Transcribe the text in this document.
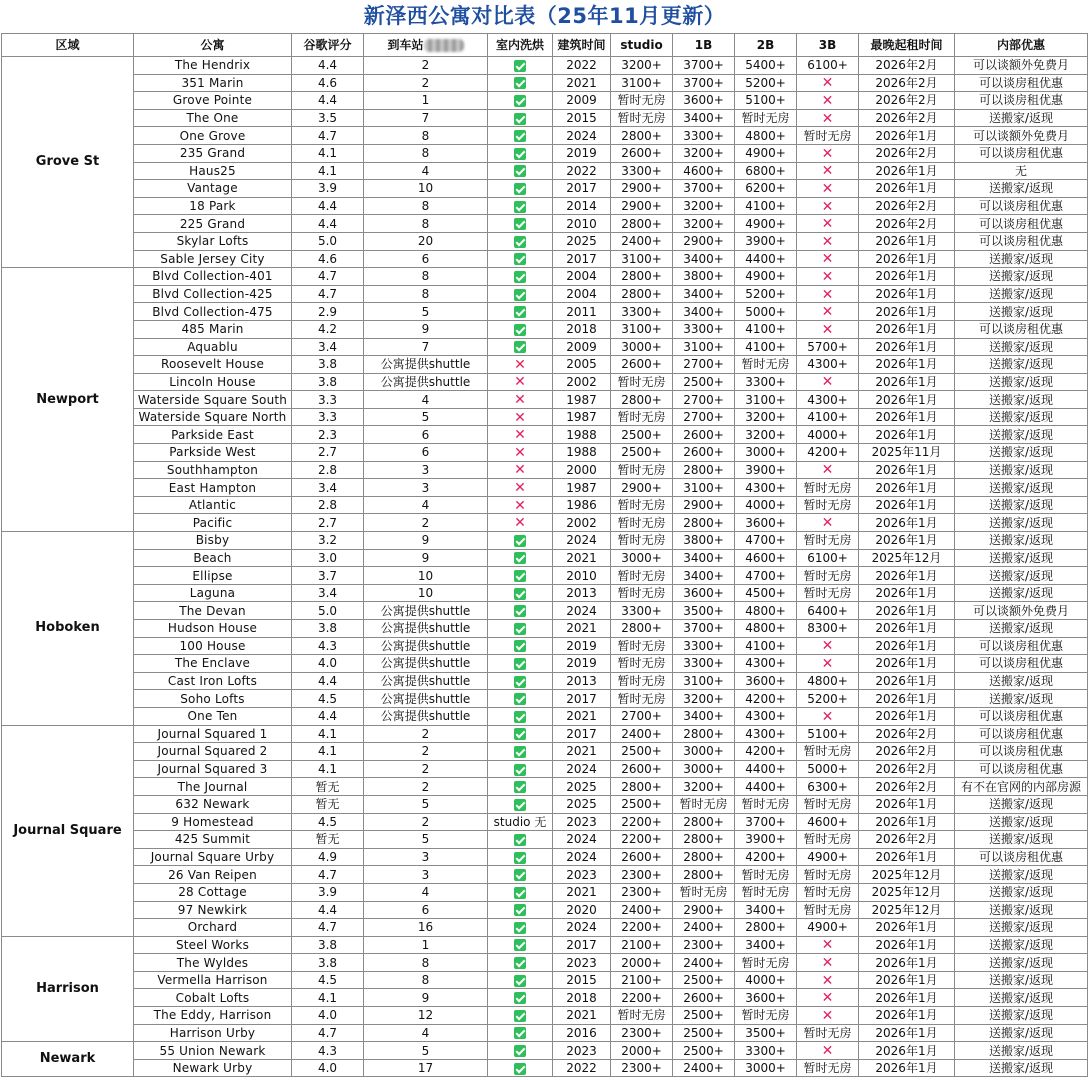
新泽西公寓对比表（25年11月更新）
区域	公寓	谷歌评分	到车站	室内洗烘	建筑时间	studio	1B	2B	3B	最晚起租时间	内部优惠
Grove St	The Hendrix	4.4	2		2022	3200+	3700+	5400+	6100+	2026年2月	可以谈额外免费月
	351 Marin	4.6	2		2021	3100+	3700+	5200+	✕	2026年2月	可以谈房租优惠
	Grove Pointe	4.4	1		2009	暂时无房	3600+	5100+	✕	2026年2月	可以谈房租优惠
	The One	3.5	7		2015	暂时无房	3400+	暂时无房	✕	2026年2月	送搬家/返现
	One Grove	4.7	8		2024	2800+	3300+	4800+	暂时无房	2026年1月	可以谈额外免费月
	235 Grand	4.1	8		2019	2600+	3200+	4900+	✕	2026年2月	可以谈房租优惠
	Haus25	4.1	4		2022	3300+	4600+	6800+	✕	2026年1月	无
	Vantage	3.9	10		2017	2900+	3700+	6200+	✕	2026年1月	送搬家/返现
	18 Park	4.4	8		2014	2900+	3200+	4100+	✕	2026年2月	可以谈房租优惠
	225 Grand	4.4	8		2010	2800+	3200+	4900+	✕	2026年2月	可以谈房租优惠
	Skylar Lofts	5.0	20		2025	2400+	2900+	3900+	✕	2026年1月	可以谈房租优惠
	Sable Jersey City	4.6	6		2017	3100+	3400+	4400+	✕	2026年1月	送搬家/返现
Newport	Blvd Collection-401	4.7	8		2004	2800+	3800+	4900+	✕	2026年1月	送搬家/返现
	Blvd Collection-425	4.7	8		2004	2800+	3400+	5200+	✕	2026年1月	送搬家/返现
	Blvd Collection-475	2.9	5		2011	3300+	3400+	5000+	✕	2026年1月	送搬家/返现
	485 Marin	4.2	9		2018	3100+	3300+	4100+	✕	2026年1月	可以谈房租优惠
	Aquablu	3.4	7		2009	3000+	3100+	4100+	5700+	2026年1月	送搬家/返现
	Roosevelt House	3.8	公寓提供shuttle	✕	2005	2600+	2700+	暂时无房	4300+	2026年1月	送搬家/返现
	Lincoln House	3.8	公寓提供shuttle	✕	2002	暂时无房	2500+	3300+	✕	2026年1月	送搬家/返现
	Waterside Square South	3.3	4	✕	1987	2800+	2700+	3100+	4300+	2026年1月	送搬家/返现
	Waterside Square North	3.3	5	✕	1987	暂时无房	2700+	3200+	4100+	2026年1月	送搬家/返现
	Parkside East	2.3	6	✕	1988	2500+	2600+	3200+	4000+	2026年1月	送搬家/返现
	Parkside West	2.7	6	✕	1988	2500+	2600+	3000+	4200+	2025年11月	送搬家/返现
	Southhampton	2.8	3	✕	2000	暂时无房	2800+	3900+	✕	2026年1月	送搬家/返现
	East Hampton	3.4	3	✕	1987	2900+	3100+	4300+	暂时无房	2026年1月	送搬家/返现
	Atlantic	2.8	4	✕	1986	暂时无房	2900+	4000+	暂时无房	2026年1月	送搬家/返现
	Pacific	2.7	2	✕	2002	暂时无房	2800+	3600+	✕	2026年1月	送搬家/返现
Hoboken	Bisby	3.2	9		2024	暂时无房	3800+	4700+	暂时无房	2026年1月	送搬家/返现
	Beach	3.0	9		2021	3000+	3400+	4600+	6100+	2025年12月	送搬家/返现
	Ellipse	3.7	10		2010	暂时无房	3400+	4700+	暂时无房	2026年1月	送搬家/返现
	Laguna	3.4	10		2013	暂时无房	3600+	4500+	暂时无房	2026年1月	送搬家/返现
	The Devan	5.0	公寓提供shuttle		2024	3300+	3500+	4800+	6400+	2026年1月	可以谈额外免费月
	Hudson House	3.8	公寓提供shuttle		2021	2800+	3700+	4800+	8300+	2026年1月	送搬家/返现
	100 House	4.3	公寓提供shuttle		2019	暂时无房	3300+	4100+	✕	2026年1月	可以谈房租优惠
	The Enclave	4.0	公寓提供shuttle		2019	暂时无房	3300+	4300+	✕	2026年1月	可以谈房租优惠
	Cast Iron Lofts	4.4	公寓提供shuttle		2013	暂时无房	3100+	3600+	4800+	2026年1月	送搬家/返现
	Soho Lofts	4.5	公寓提供shuttle		2017	暂时无房	3200+	4200+	5200+	2026年1月	送搬家/返现
	One Ten	4.4	公寓提供shuttle		2021	2700+	3400+	4300+	✕	2026年1月	可以谈房租优惠
Journal Square	Journal Squared 1	4.1	2		2017	2400+	2800+	4300+	5100+	2026年2月	可以谈房租优惠
	Journal Squared 2	4.1	2		2021	2500+	3000+	4200+	暂时无房	2026年2月	可以谈房租优惠
	Journal Squared 3	4.1	2		2024	2600+	3000+	4400+	5000+	2026年2月	可以谈房租优惠
	The Journal	暂无	2		2025	2800+	3200+	4400+	6300+	2026年2月	有不在官网的内部房源
	632 Newark	暂无	5		2025	2500+	暂时无房	暂时无房	暂时无房	2026年1月	送搬家/返现
	9 Homestead	4.5	2	studio 无	2023	2200+	2800+	3700+	4600+	2026年1月	送搬家/返现
	425 Summit	暂无	5		2024	2200+	2800+	3900+	暂时无房	2026年2月	送搬家/返现
	Journal Square Urby	4.9	3		2024	2600+	2800+	4200+	4900+	2026年1月	可以谈房租优惠
	26 Van Reipen	4.7	3		2023	2300+	2800+	暂时无房	暂时无房	2025年12月	送搬家/返现
	28 Cottage	3.9	4		2021	2300+	暂时无房	暂时无房	暂时无房	2025年12月	送搬家/返现
	97 Newkirk	4.4	6		2020	2400+	2900+	3400+	暂时无房	2025年12月	送搬家/返现
	Orchard	4.7	16		2024	2200+	2400+	2800+	4900+	2026年1月	送搬家/返现
Harrison	Steel Works	3.8	1		2017	2100+	2300+	3400+	✕	2026年1月	送搬家/返现
	The Wyldes	3.8	8		2023	2000+	2400+	暂时无房	✕	2026年1月	送搬家/返现
	Vermella Harrison	4.5	8		2015	2100+	2500+	4000+	✕	2026年1月	送搬家/返现
	Cobalt Lofts	4.1	9		2018	2200+	2600+	3600+	✕	2026年1月	送搬家/返现
	The Eddy, Harrison	4.0	12		2021	暂时无房	2500+	暂时无房	✕	2026年1月	送搬家/返现
	Harrison Urby	4.7	4		2016	2300+	2500+	3500+	暂时无房	2026年1月	送搬家/返现
Newark	55 Union Newark	4.3	5		2023	2000+	2500+	3300+	✕	2026年1月	送搬家/返现
	Newark Urby	4.0	17		2022	2300+	2400+	3000+	暂时无房	2026年1月	送搬家/返现
